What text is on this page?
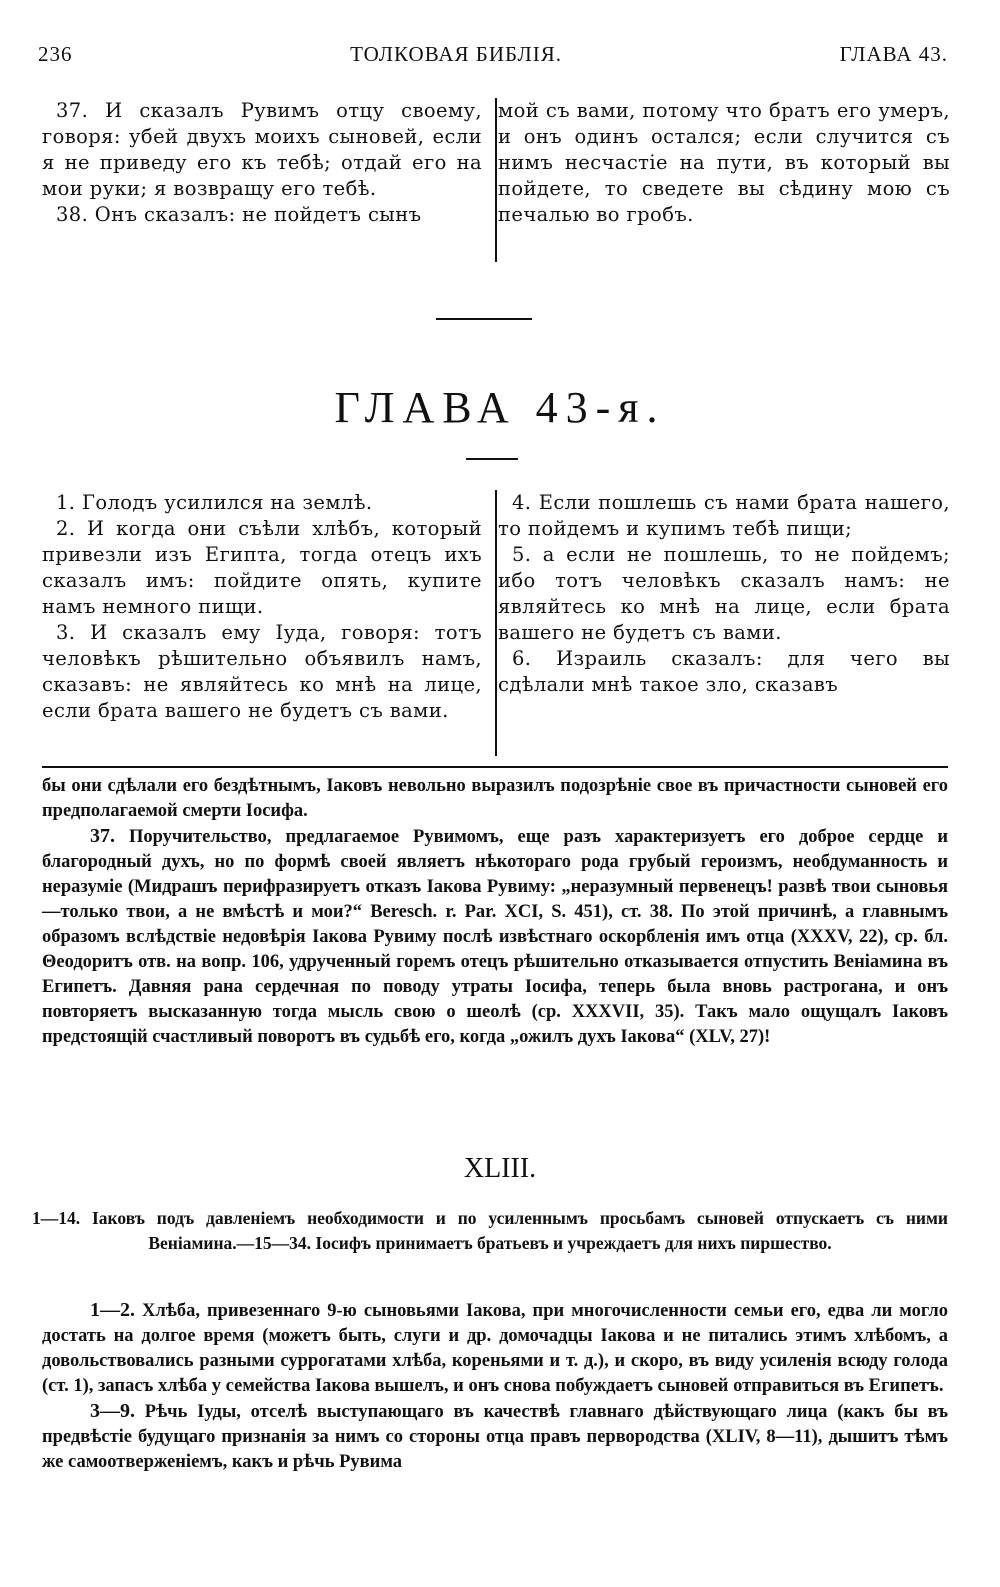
236	ТОЛКОВАЯ БИБЛІЯ.	ГЛАВА 43.

37. И сказалъ Рувимъ отцу своему, говоря: убей двухъ моихъ сыновей, если я не приведу его къ тебѣ; отдай его на мои руки; я возвращу его тебѣ.

38. Онъ сказалъ: не пойдетъ сынъ

мой съ вами, потому что братъ его умеръ, и онъ одинъ остался; если случится съ нимъ несчастіе на пути, въ который вы пойдете, то сведете вы сѣдину мою съ печалью во гробъ.

ГЛАВА 43-я.

1. Голодъ усилился на землѣ.

2. И когда они съѣли хлѣбъ, который привезли изъ Египта, тогда отецъ ихъ сказалъ имъ: пойдите опять, купите намъ немного пищи.

3. И сказалъ ему Іуда, говоря: тотъ человѣкъ рѣшительно объявилъ намъ, сказавъ: не являйтесь ко мнѣ на лице, если брата вашего не будетъ съ вами.

4. Если пошлешь съ нами брата нашего, то пойдемъ и купимъ тебѣ пищи;

5. а если не пошлешь, то не пойдемъ; ибо тотъ человѣкъ сказалъ намъ: не являйтесь ко мнѣ на лице, если брата вашего не будетъ съ вами.

6. Израиль сказалъ: для чего вы сдѣлали мнѣ такое зло, сказавъ

бы они сдѣлали его бездѣтнымъ, Іаковъ невольно выразилъ подозрѣніе свое въ причастности сыновей его предполагаемой смерти Іосифа.

37. Поручительство, предлагаемое Рувимомъ, еще разъ характеризуетъ его доброе сердце и благородный духъ, но по формѣ своей являетъ нѣкотораго рода грубый героизмъ, необдуманность и неразуміе (Мидрашъ перифразируетъ отказъ Іакова Рувиму: „неразумный первенецъ! развѣ твои сыновья—только твои, а не вмѣстѣ и мои?“ Beresch. r. Par. XCI, S. 451), ст. 38. По этой причинѣ, а главнымъ образомъ вслѣдствіе недовѣрія Іакова Рувиму послѣ извѣстнаго оскорбленія имъ отца (XXXV, 22), ср. бл. Θеодоритъ отв. на вопр. 106, удрученный горемъ отецъ рѣшительно отказывается отпустить Веніамина въ Египетъ. Давняя рана сердечная по поводу утраты Іосифа, теперь была вновь растрогана, и онъ повторяетъ высказанную тогда мысль свою о шеолѣ (ср. XXXVII, 35). Такъ мало ощущалъ Іаковъ предстоящій счастливый поворотъ въ судьбѣ его, когда „ожилъ духъ Іакова“ (XLV, 27)!

XLIII.

1—14. Іаковъ подъ давленіемъ необходимости и по усиленнымъ просьбамъ сыновей отпускаетъ съ ними Веніамина.—15—34. Іосифъ принимаетъ братьевъ и учреждаетъ для нихъ пиршество.

1—2. Хлѣба, привезеннаго 9-ю сыновьями Іакова, при многочисленности семьи его, едва ли могло достать на долгое время (можетъ быть, слуги и др. домочадцы Іакова и не питались этимъ хлѣбомъ, а довольствовались разными суррогатами хлѣба, кореньями и т. д.), и скоро, въ виду усиленія всюду голода (ст. 1), запасъ хлѣба у семейства Іакова вышелъ, и онъ снова побуждаетъ сыновей отправиться въ Египетъ.

3—9. Рѣчь Іуды, отселѣ выступающаго въ качествѣ главнаго дѣйствующаго лица (какъ бы въ предвѣстіе будущаго признанія за нимъ со стороны отца правъ первородства (XLIV, 8—11), дышитъ тѣмъ же самоотверженіемъ, какъ и рѣчь Рувима
